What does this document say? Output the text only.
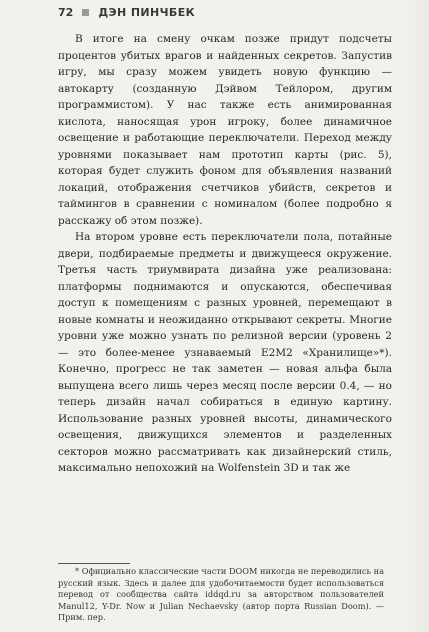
72 ДЭН ПИНЧБЕК

В итоге на смену очкам позже придут подсчеты процентов убитых врагов и найденных секретов. Запустив игру, мы сразу можем увидеть новую функцию — автокарту (созданную Дэйвом Тейлором, другим программистом). У нас также есть анимированная кислота, наносящая урон игроку, более динамичное освещение и работающие переключатели. Переход между уровнями показывает нам прототип карты (рис. 5), которая будет служить фоном для объявления названий локаций, отображения счетчиков убийств, секретов и таймингов в сравнении с номиналом (более подробно я расскажу об этом позже).

На втором уровне есть переключатели пола, потайные двери, подбираемые предметы и движущееся окружение. Третья часть триумвирата дизайна уже реализована: платформы поднимаются и опускаются, обеспечивая доступ к помещениям с разных уровней, перемещают в новые комнаты и неожиданно открывают секреты. Многие уровни уже можно узнать по релизной версии (уровень 2 — это более-менее узнаваемый E2M2 «Хранилище»*). Конечно, прогресс не так заметен — новая альфа была выпущена всего лишь через месяц после версии 0.4, — но теперь дизайн начал собираться в единую картину. Использование разных уровней высоты, динамического освещения, движущихся элементов и разделенных секторов можно рассматривать как дизайнерский стиль, максимально непохожий на Wolfenstein 3D и так же

* Официально классические части DOOM никогда не переводились на русский язык. Здесь и далее для удобочитаемости будет использоваться перевод от сообщества сайта iddqd.ru за авторством пользователей Manul12, Y-Dr. Now и Julian Nechaevsky (автор порта Russian Doom). — Прим. пер.
